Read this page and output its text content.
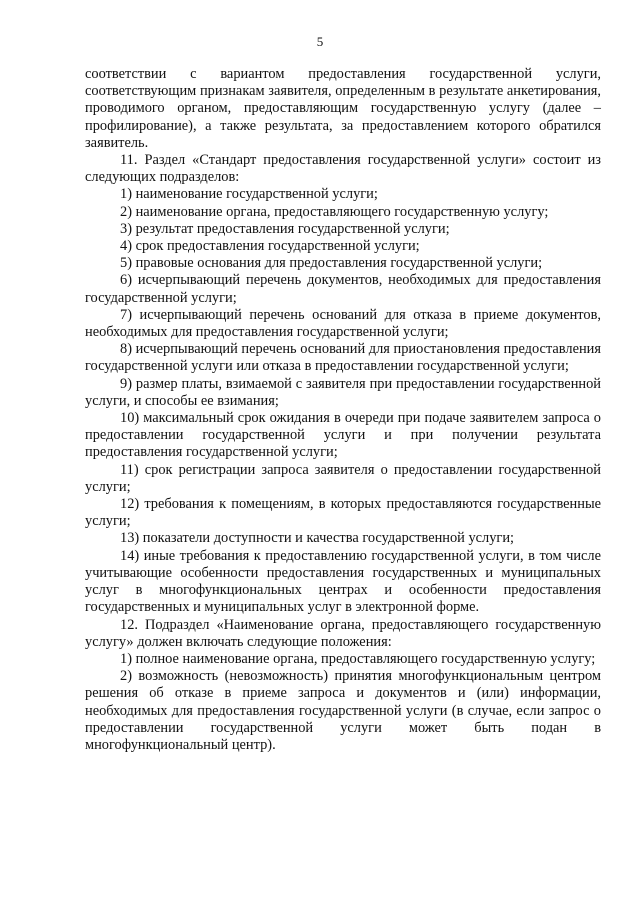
5

соответствии с вариантом предоставления государственной услуги, соответствующим признакам заявителя, определенным в результате анкетирования, проводимого органом, предоставляющим государственную услугу (далее – профилирование), а также результата, за предоставлением которого обратился заявитель.

11. Раздел «Стандарт предоставления государственной услуги» состоит из следующих подразделов:

1) наименование государственной услуги;

2) наименование органа, предоставляющего государственную услугу;

3) результат предоставления государственной услуги;

4) срок предоставления государственной услуги;

5) правовые основания для предоставления государственной услуги;

6) исчерпывающий перечень документов, необходимых для предоставления государственной услуги;

7) исчерпывающий перечень оснований для отказа в приеме документов, необходимых для предоставления государственной услуги;

8) исчерпывающий перечень оснований для приостановления предоставления государственной услуги или отказа в предоставлении государственной услуги;

9) размер платы, взимаемой с заявителя при предоставлении государственной услуги, и способы ее взимания;

10) максимальный срок ожидания в очереди при подаче заявителем запроса о предоставлении государственной услуги и при получении результата предоставления государственной услуги;

11) срок регистрации запроса заявителя о предоставлении государственной услуги;

12) требования к помещениям, в которых предоставляются государственные услуги;

13) показатели доступности и качества государственной услуги;

14) иные требования к предоставлению государственной услуги, в том числе учитывающие особенности предоставления государственных и муниципальных услуг в многофункциональных центрах и особенности предоставления государственных и муниципальных услуг в электронной форме.

12. Подраздел «Наименование органа, предоставляющего государственную услугу» должен включать следующие положения:

1) полное наименование органа, предоставляющего государственную услугу;

2) возможность (невозможность) принятия многофункциональным центром решения об отказе в приеме запроса и документов и (или) информации, необходимых для предоставления государственной услуги (в случае, если запрос о предоставлении государственной услуги может быть подан в многофункциональный центр).
